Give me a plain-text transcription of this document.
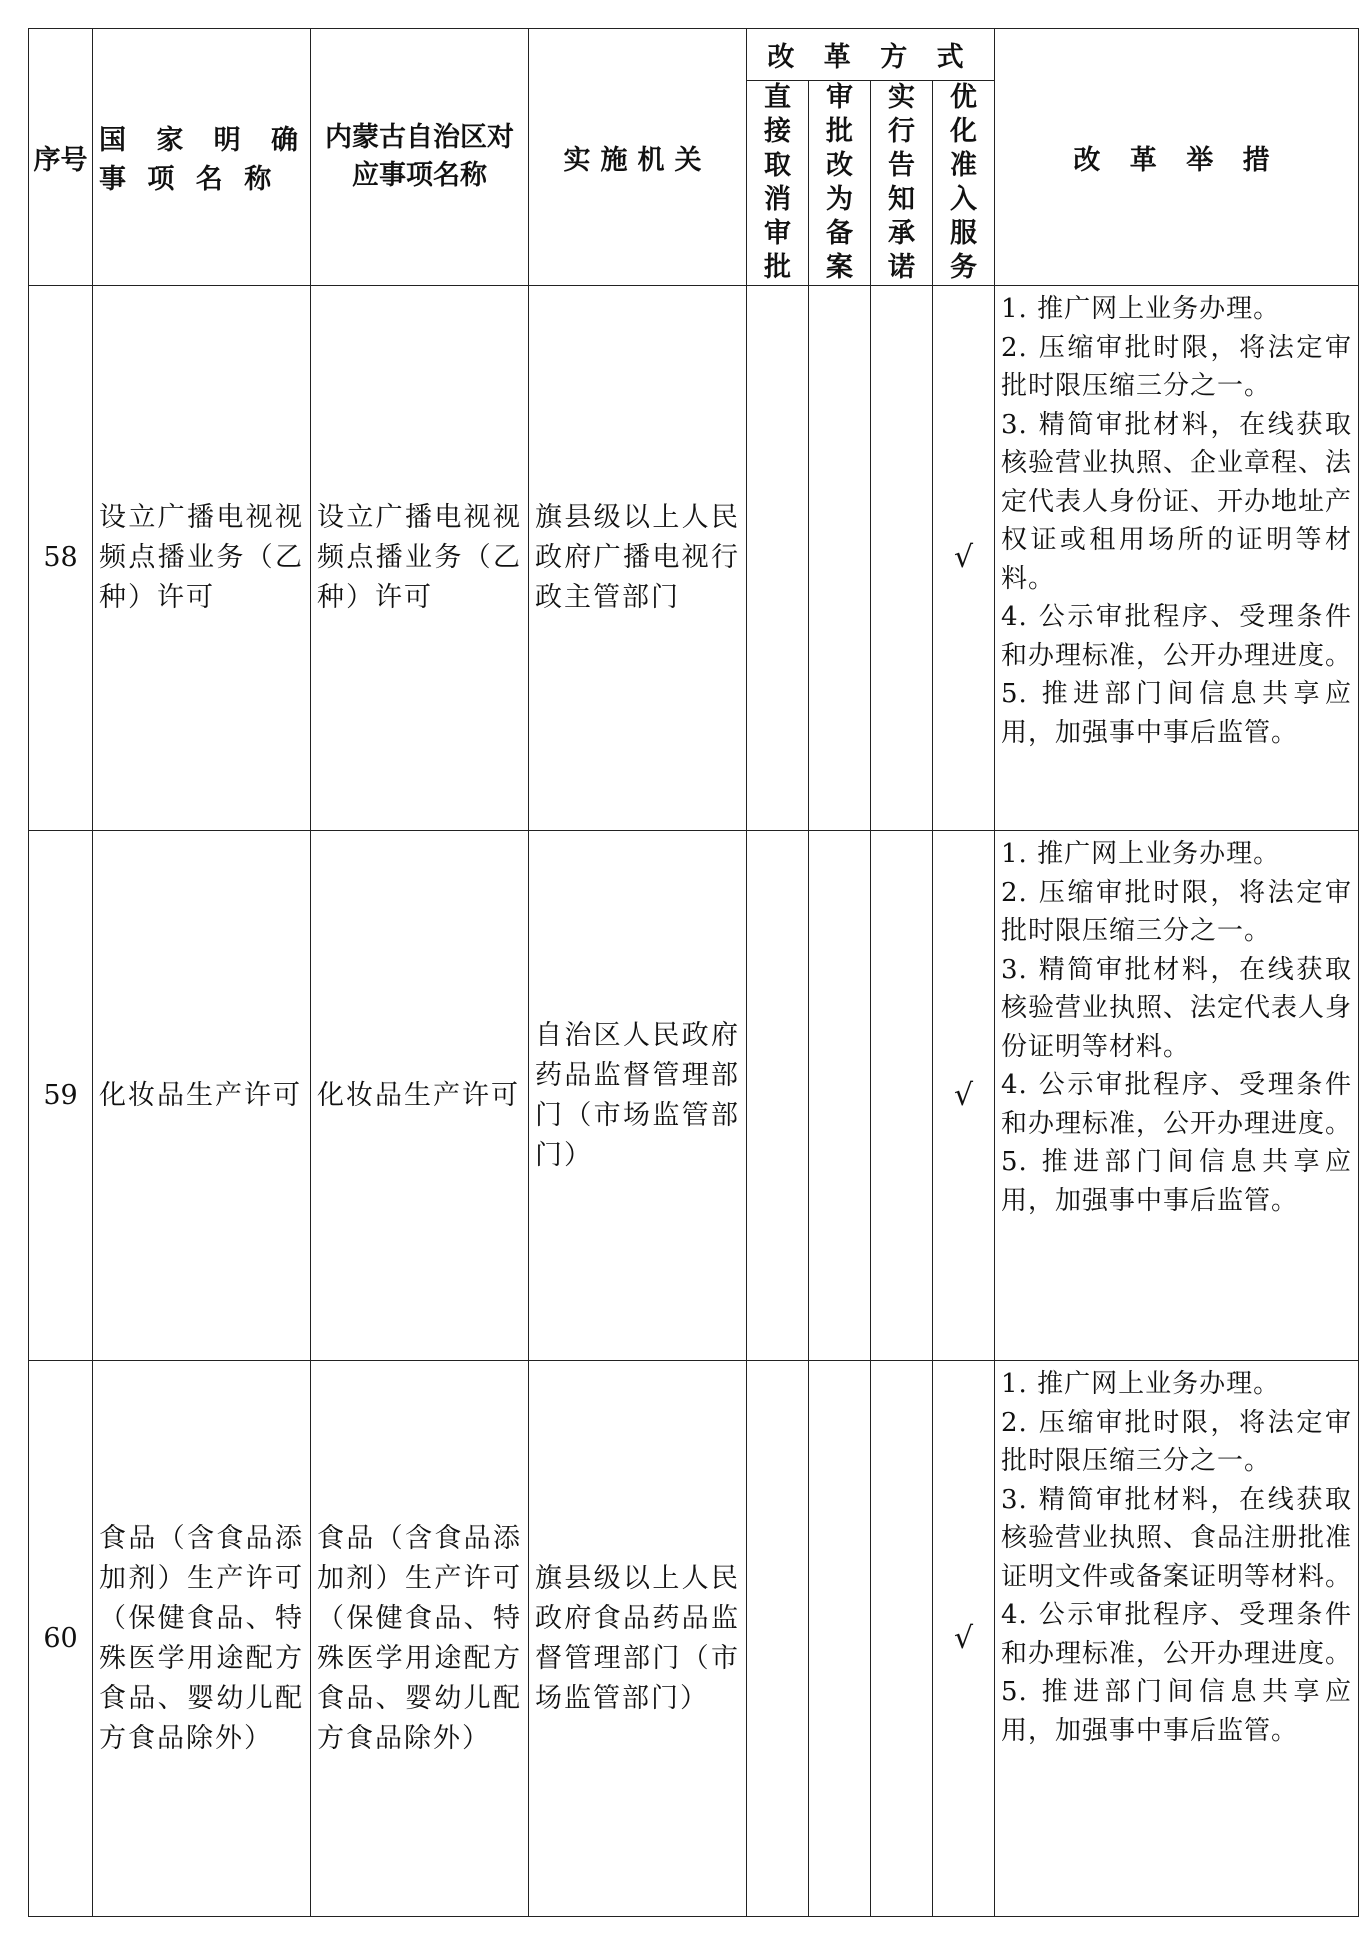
序号	国 家 明 确 事 项 名 称	内蒙古自治区对应事项名称	实施机关	改 革 方 式				改 革 举 措

				直接取消审批	审批改为备案	实行告知承诺	优化准入服务	

58	设立广播电视视频点播业务（乙种）许可	设立广播电视视频点播业务（乙种）许可	旗县级以上人民政府广播电视行政主管部门				√	1. 推广网上业务办理。
2. 压缩审批时限，将法定审批时限压缩三分之一。
3. 精简审批材料，在线获取核验营业执照、企业章程、法定代表人身份证、开办地址产权证或租用场所的证明等材料。
4. 公示审批程序、受理条件和办理标准，公开办理进度。
5. 推进部门间信息共享应用，加强事中事后监管。

59	化妆品生产许可	化妆品生产许可	自治区人民政府药品监督管理部门（市场监管部门）				√	1. 推广网上业务办理。
2. 压缩审批时限，将法定审批时限压缩三分之一。
3. 精简审批材料，在线获取核验营业执照、法定代表人身份证明等材料。
4. 公示审批程序、受理条件和办理标准，公开办理进度。
5. 推进部门间信息共享应用，加强事中事后监管。

60	食品（含食品添加剂）生产许可（保健食品、特殊医学用途配方食品、婴幼儿配方食品除外）	食品（含食品添加剂）生产许可（保健食品、特殊医学用途配方食品、婴幼儿配方食品除外）	旗县级以上人民政府食品药品监督管理部门（市场监管部门）				√	1. 推广网上业务办理。
2. 压缩审批时限，将法定审批时限压缩三分之一。
3. 精简审批材料，在线获取核验营业执照、食品注册批准证明文件或备案证明等材料。
4. 公示审批程序、受理条件和办理标准，公开办理进度。
5. 推进部门间信息共享应用，加强事中事后监管。
